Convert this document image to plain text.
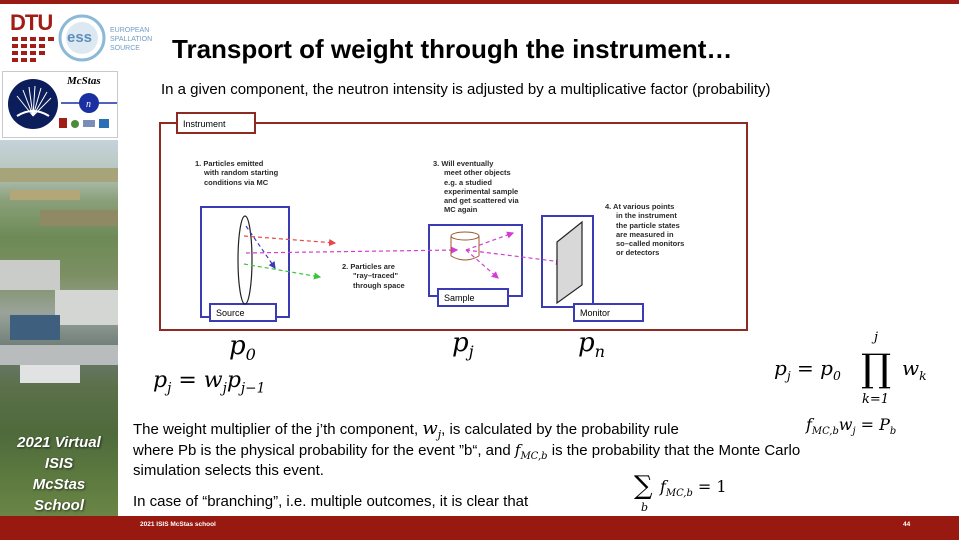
DTU
ess	EUROPEAN
SPALLATION
SOURCE	Transport of weight through the instrument…
In a given component, the neutron intensity is adjusted by a multiplicative factor (probability)
2021 Virtual
ISIS
McStas
School
McStas
n
Instrument
Source
Sample
Monitor
1. Particles emitted
with random starting
conditions via MC
2. Particles are
"ray–traced"
through space
3. Will eventually
meet other objects
e.g. a studied
experimental sample
and get scattered via
MC again	4. At various points
in the instrument
the particle states
are measured in
so–called monitors
or detectors
$p_0$	$p_j$	$p_n$
$p_j = w_jp_{j-1}$
$p_j = p_0$
j
∏
k=1
$w_k$
The weight multiplier of the j’th component, $w_j$, is calculated by the probability rule	$f_{MC,b}w_j = P_b$
where Pb is the physical probability for the event ”b“, and $f_{MC,b}$ is the probability that the Monte Carlo
simulation selects this event.
In case of “branching”, i.e. multiple outcomes, it is clear that
∑
b
$f_{MC,b} = 1$
2021 ISIS McStas school	44
